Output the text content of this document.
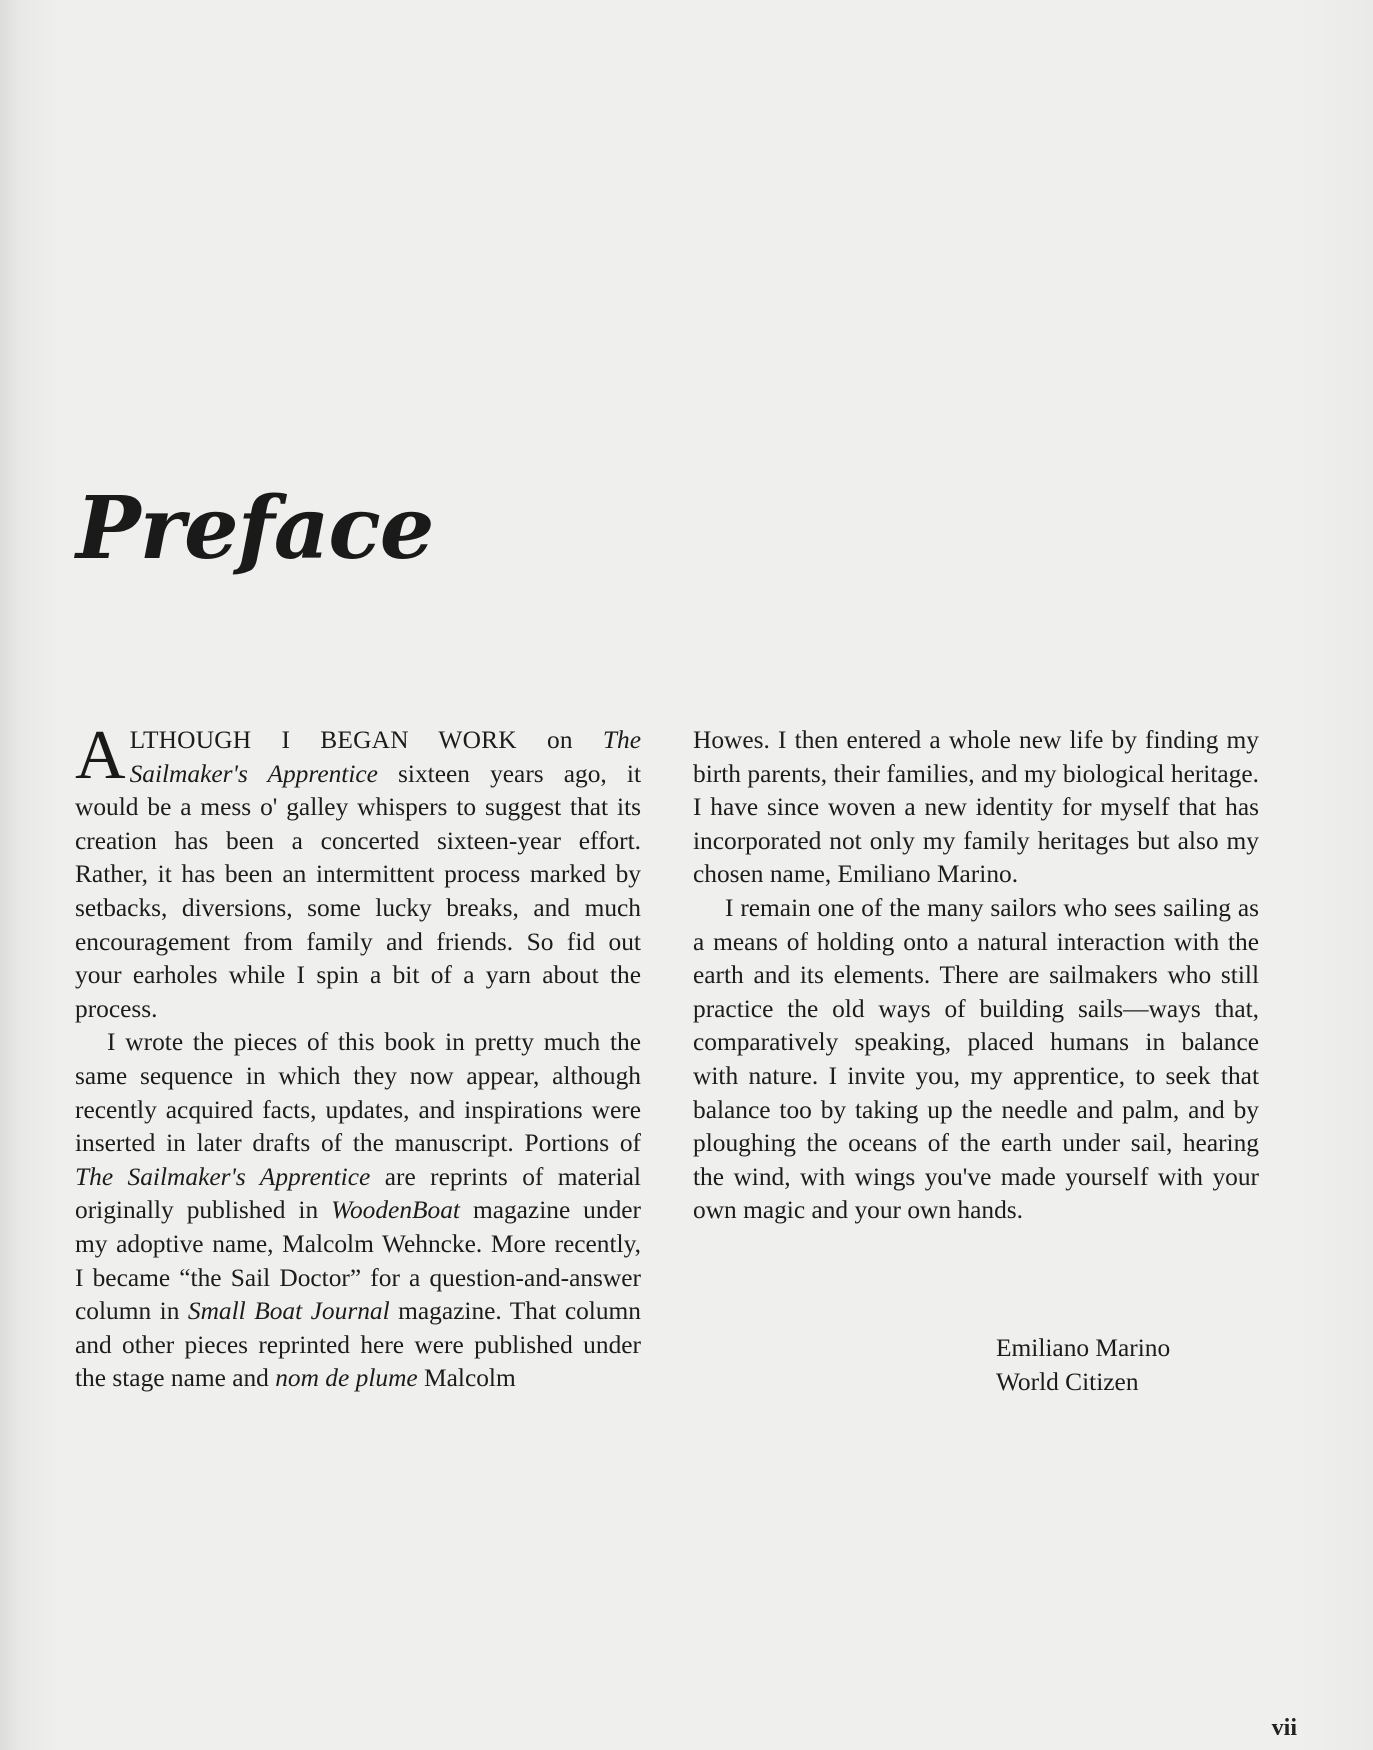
Preface

ALTHOUGH I BEGAN WORK on The Sailmaker's Apprentice sixteen years ago, it would be a mess o' galley whispers to suggest that its creation has been a concerted sixteen-year effort. Rather, it has been an intermittent process marked by setbacks, diversions, some lucky breaks, and much encouragement from family and friends. So fid out your earholes while I spin a bit of a yarn about the process.

I wrote the pieces of this book in pretty much the same sequence in which they now appear, although recently acquired facts, updates, and inspirations were inserted in later drafts of the manuscript. Portions of The Sailmaker's Apprentice are reprints of material originally published in WoodenBoat magazine under my adoptive name, Malcolm Wehncke. More recently, I became “the Sail Doctor” for a question-and-answer column in Small Boat Journal magazine. That column and other pieces reprinted here were published under the stage name and nom de plume Malcolm

Howes. I then entered a whole new life by finding my birth parents, their families, and my biological heritage. I have since woven a new identity for myself that has incorporated not only my family heritages but also my chosen name, Emiliano Marino.

I remain one of the many sailors who sees sailing as a means of holding onto a natural interaction with the earth and its elements. There are sailmakers who still practice the old ways of building sails—ways that, comparatively speaking, placed humans in balance with nature. I invite you, my apprentice, to seek that balance too by taking up the needle and palm, and by ploughing the oceans of the earth under sail, hearing the wind, with wings you've made yourself with your own magic and your own hands.

Emiliano Marino
World Citizen
vii
